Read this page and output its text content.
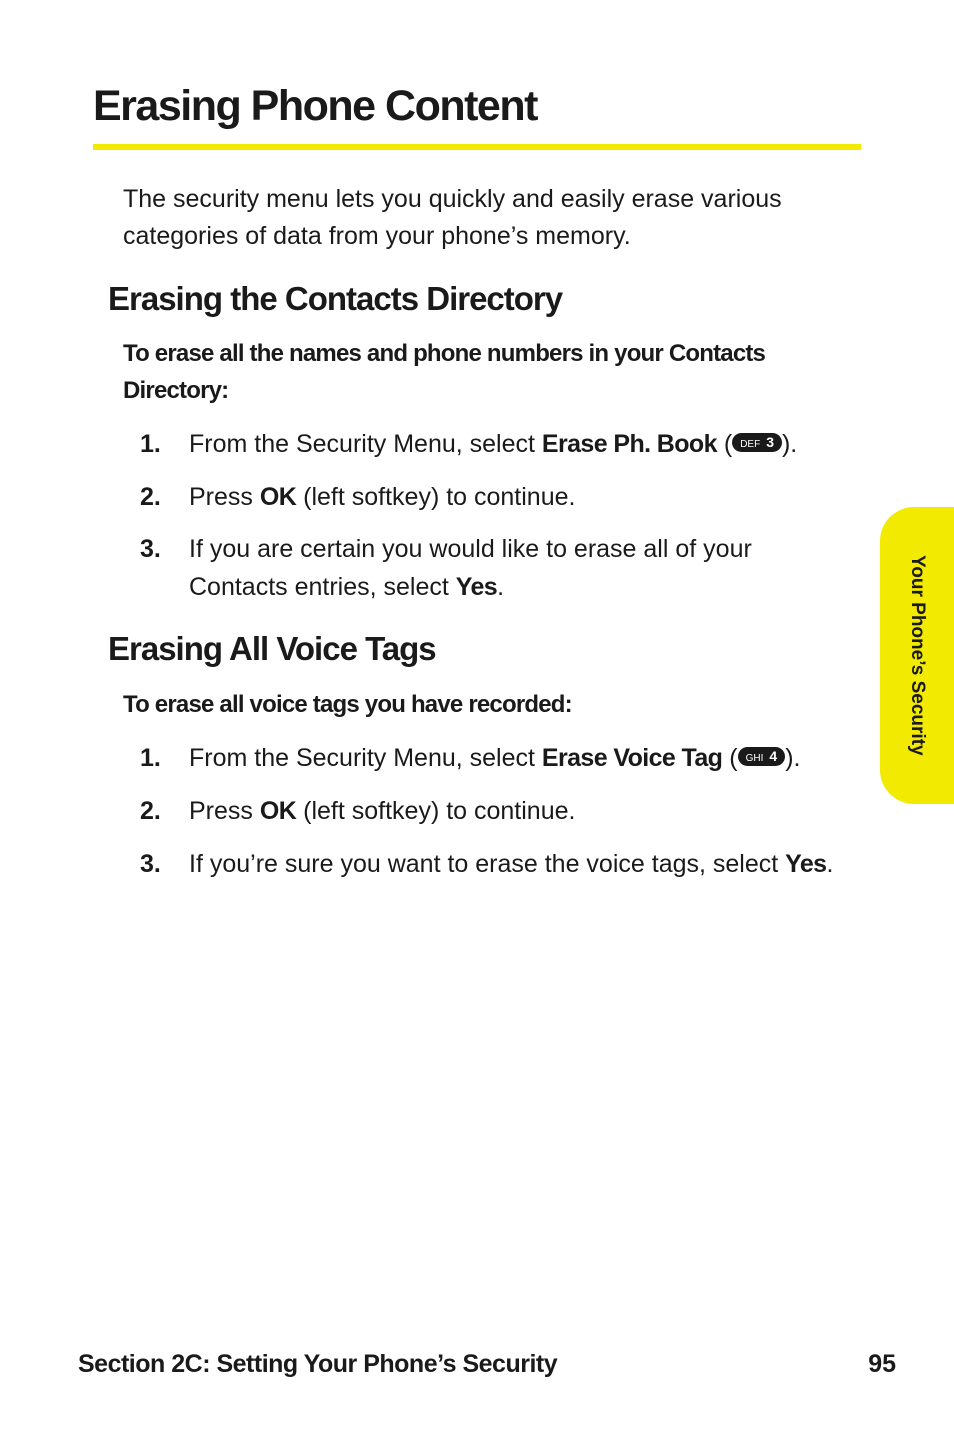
Erasing Phone Content

The security menu lets you quickly and easily erase various categories of data from your phone’s memory.

Erasing the Contacts Directory

To erase all the names and phone numbers in your Contacts Directory:

1.	From the Security Menu, select Erase Ph. Book ( DEF 3 ).
2.	Press OK (left softkey) to continue.
3.	If you are certain you would like to erase all of your Contacts entries, select Yes.
Erasing All Voice Tags

To erase all voice tags you have recorded:

1.	From the Security Menu, select Erase Voice Tag ( GHI 4 ).
2.	Press OK (left softkey) to continue.
3.	If you’re sure you want to erase the voice tags, select Yes.
Your Phone’s Security
Section 2C: Setting Your Phone’s Security	95
